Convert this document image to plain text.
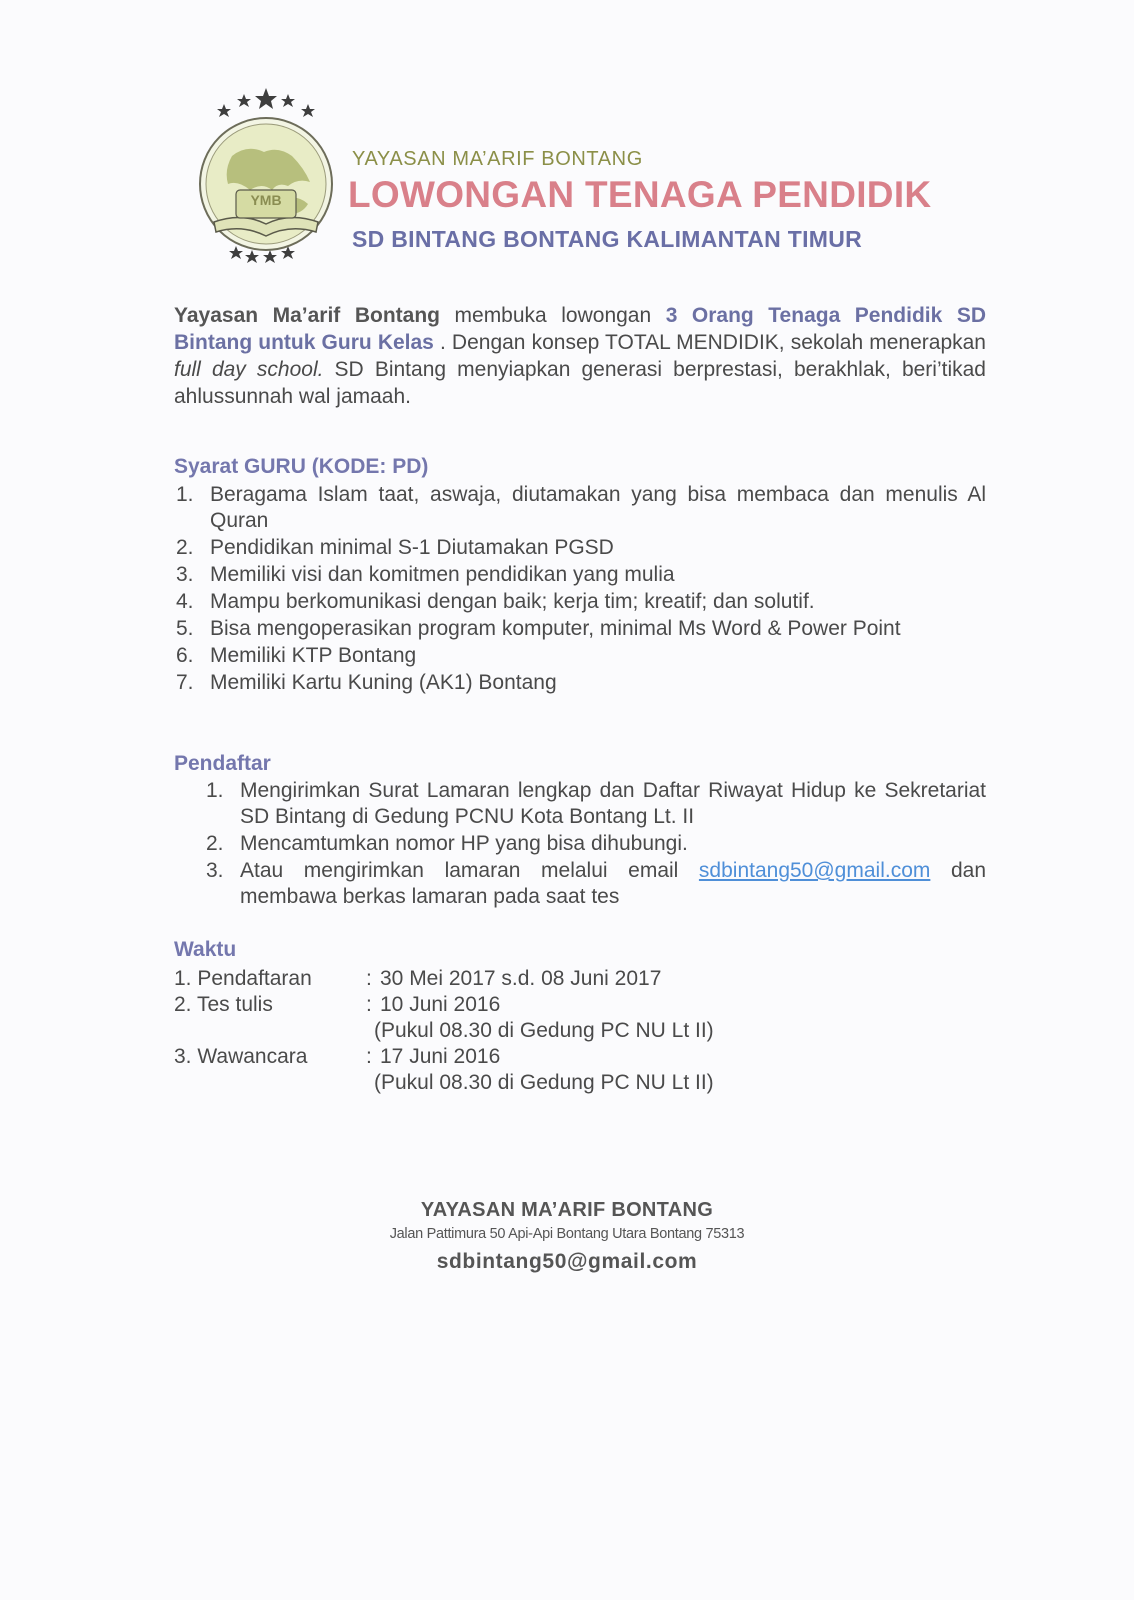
YMB
YAYASAN MA’ARIF BONTANG
LOWONGAN TENAGA PENDIDIK
SD BINTANG BONTANG KALIMANTAN TIMUR

Yayasan Ma’arif Bontang membuka lowongan 3 Orang Tenaga Pendidik SD Bintang untuk Guru Kelas . Dengan konsep TOTAL MENDIDIK, sekolah menerapkan full day school. SD Bintang menyiapkan generasi berprestasi, berakhlak, beri’tikad ahlussunnah wal jamaah.

Syarat GURU (KODE: PD)
1. Beragama Islam taat, aswaja, diutamakan yang bisa membaca dan menulis Al Quran
2. Pendidikan minimal S-1 Diutamakan PGSD
3. Memiliki visi dan komitmen pendidikan yang mulia
4. Mampu berkomunikasi dengan baik; kerja tim; kreatif; dan solutif.
5. Bisa mengoperasikan program komputer, minimal Ms Word & Power Point
6. Memiliki KTP Bontang
7. Memiliki Kartu Kuning (AK1) Bontang
Pendaftar
1. Mengirimkan Surat Lamaran lengkap dan Daftar Riwayat Hidup ke Sekretariat SD Bintang di Gedung PCNU Kota Bontang Lt. II
2. Mencamtumkan nomor HP yang bisa dihubungi.
3. Atau mengirimkan lamaran melalui email sdbintang50@gmail.com dan membawa berkas lamaran pada saat tes
Waktu
1. Pendaftaran	: 30 Mei 2017 s.d. 08 Juni 2017
2. Tes tulis	: 10 Juni 2016
(Pukul 08.30 di Gedung PC NU Lt II)
3. Wawancara	: 17 Juni 2016
(Pukul 08.30 di Gedung PC NU Lt II)

YAYASAN MA’ARIF BONTANG

Jalan Pattimura 50 Api-Api Bontang Utara Bontang 75313

sdbintang50@gmail.com
